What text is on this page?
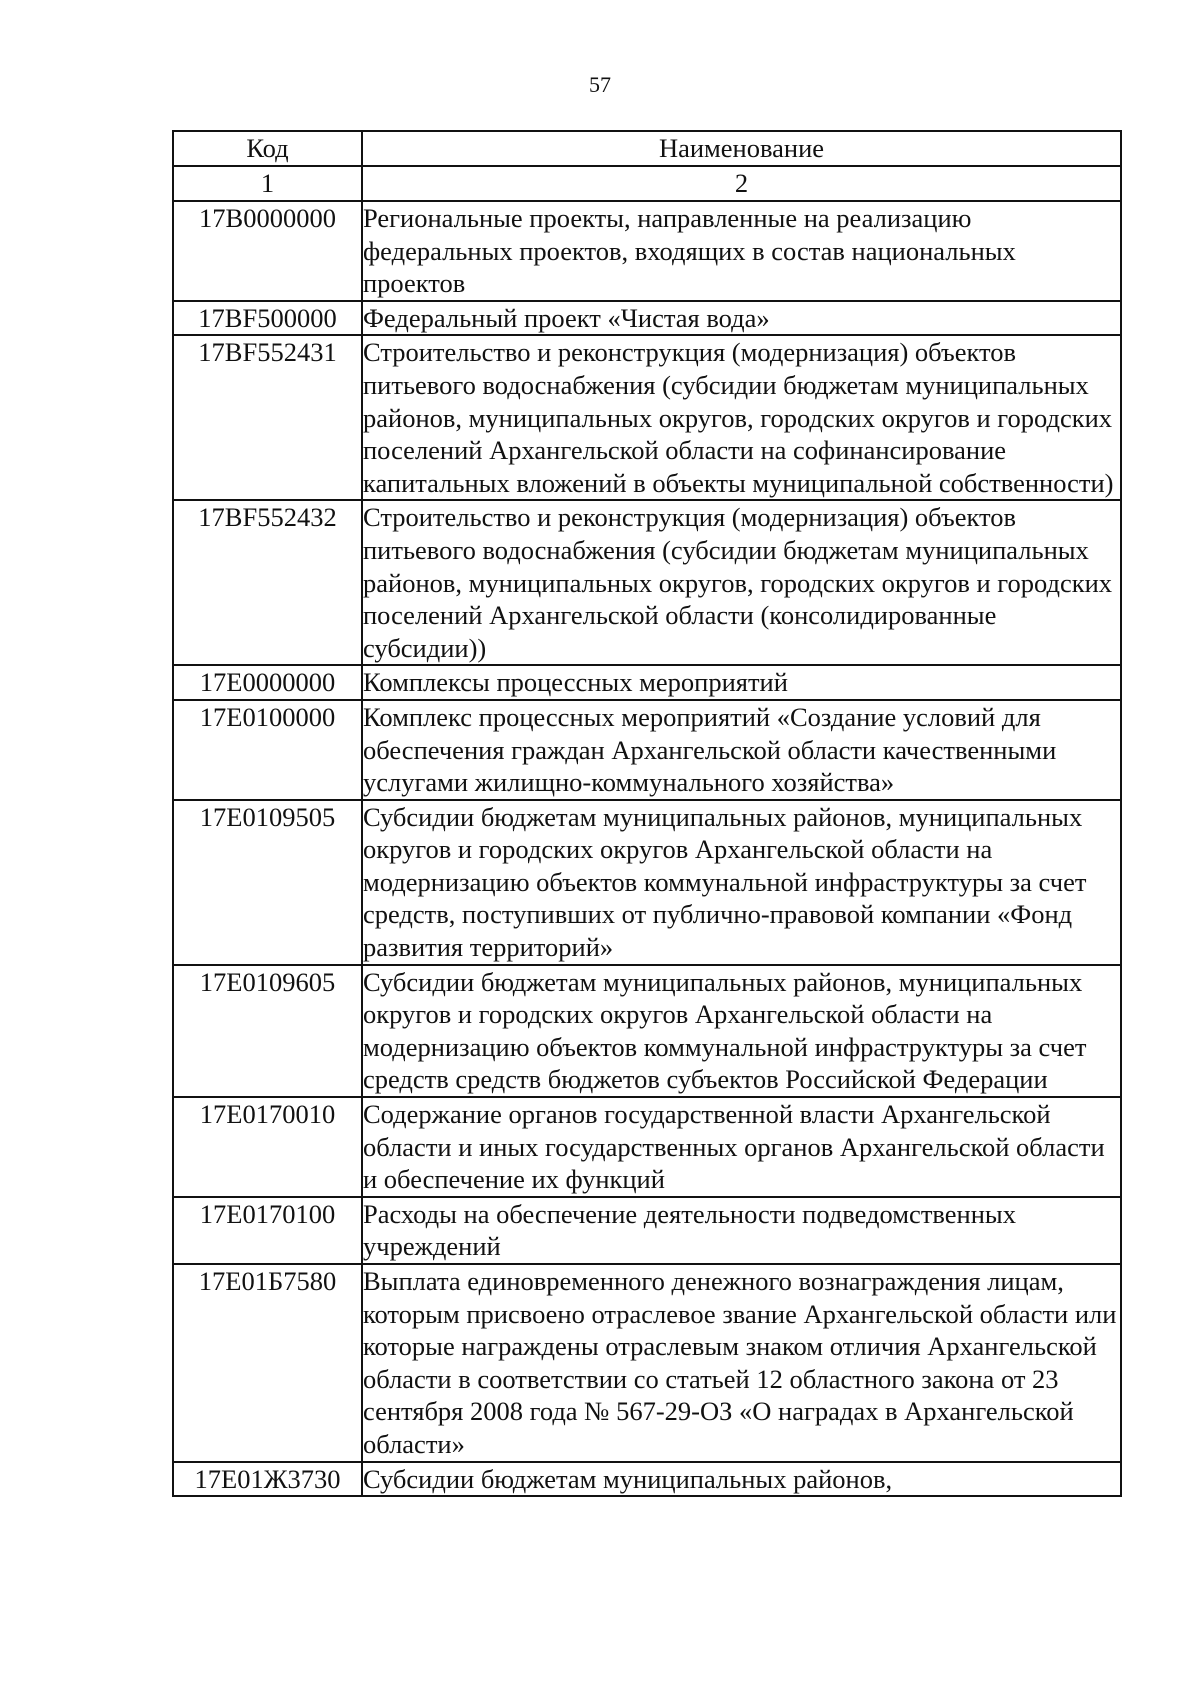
57
Код	Наименование
1	2
17В0000000	Региональные проекты, направленные на реализацию федеральных проектов, входящих в состав национальных проектов
17ВF500000	Федеральный проект «Чистая вода»
17ВF552431	Строительство и реконструкция (модернизация) объектов питьевого водоснабжения (субсидии бюджетам муниципальных районов, муниципальных округов, городских округов и городских поселений Архангельской области на софинансирование капитальных вложений в объекты муниципальной собственности)
17ВF552432	Строительство и реконструкция (модернизация) объектов питьевого водоснабжения (субсидии бюджетам муниципальных районов, муниципальных округов, городских округов и городских поселений Архангельской области (консолидированные субсидии))
17Е0000000	Комплексы процессных мероприятий
17Е0100000	Комплекс процессных мероприятий «Создание условий для обеспечения граждан Архангельской области качественными услугами жилищно-коммунального хозяйства»
17Е0109505	Субсидии бюджетам муниципальных районов, муниципальных округов и городских округов Архангельской области на модернизацию объектов коммунальной инфраструктуры за счет средств, поступивших от публично-правовой компании «Фонд развития территорий»
17Е0109605	Субсидии бюджетам муниципальных районов, муниципальных округов и городских округов Архангельской области на модернизацию объектов коммунальной инфраструктуры за счет средств средств бюджетов субъектов Российской Федерации
17Е0170010	Содержание органов государственной власти Архангельской области и иных государственных органов Архангельской области и обеспечение их функций
17Е0170100	Расходы на обеспечение деятельности подведомственных учреждений
17Е01Б7580	Выплата единовременного денежного вознаграждения лицам, которым присвоено отраслевое звание Архангельской области или которые награждены отраслевым знаком отличия Архангельской области в соответствии со статьей 12 областного закона от 23 сентября 2008 года № 567-29-ОЗ «О наградах в Архангельской области»
17Е01Ж3730	Субсидии бюджетам муниципальных районов,
